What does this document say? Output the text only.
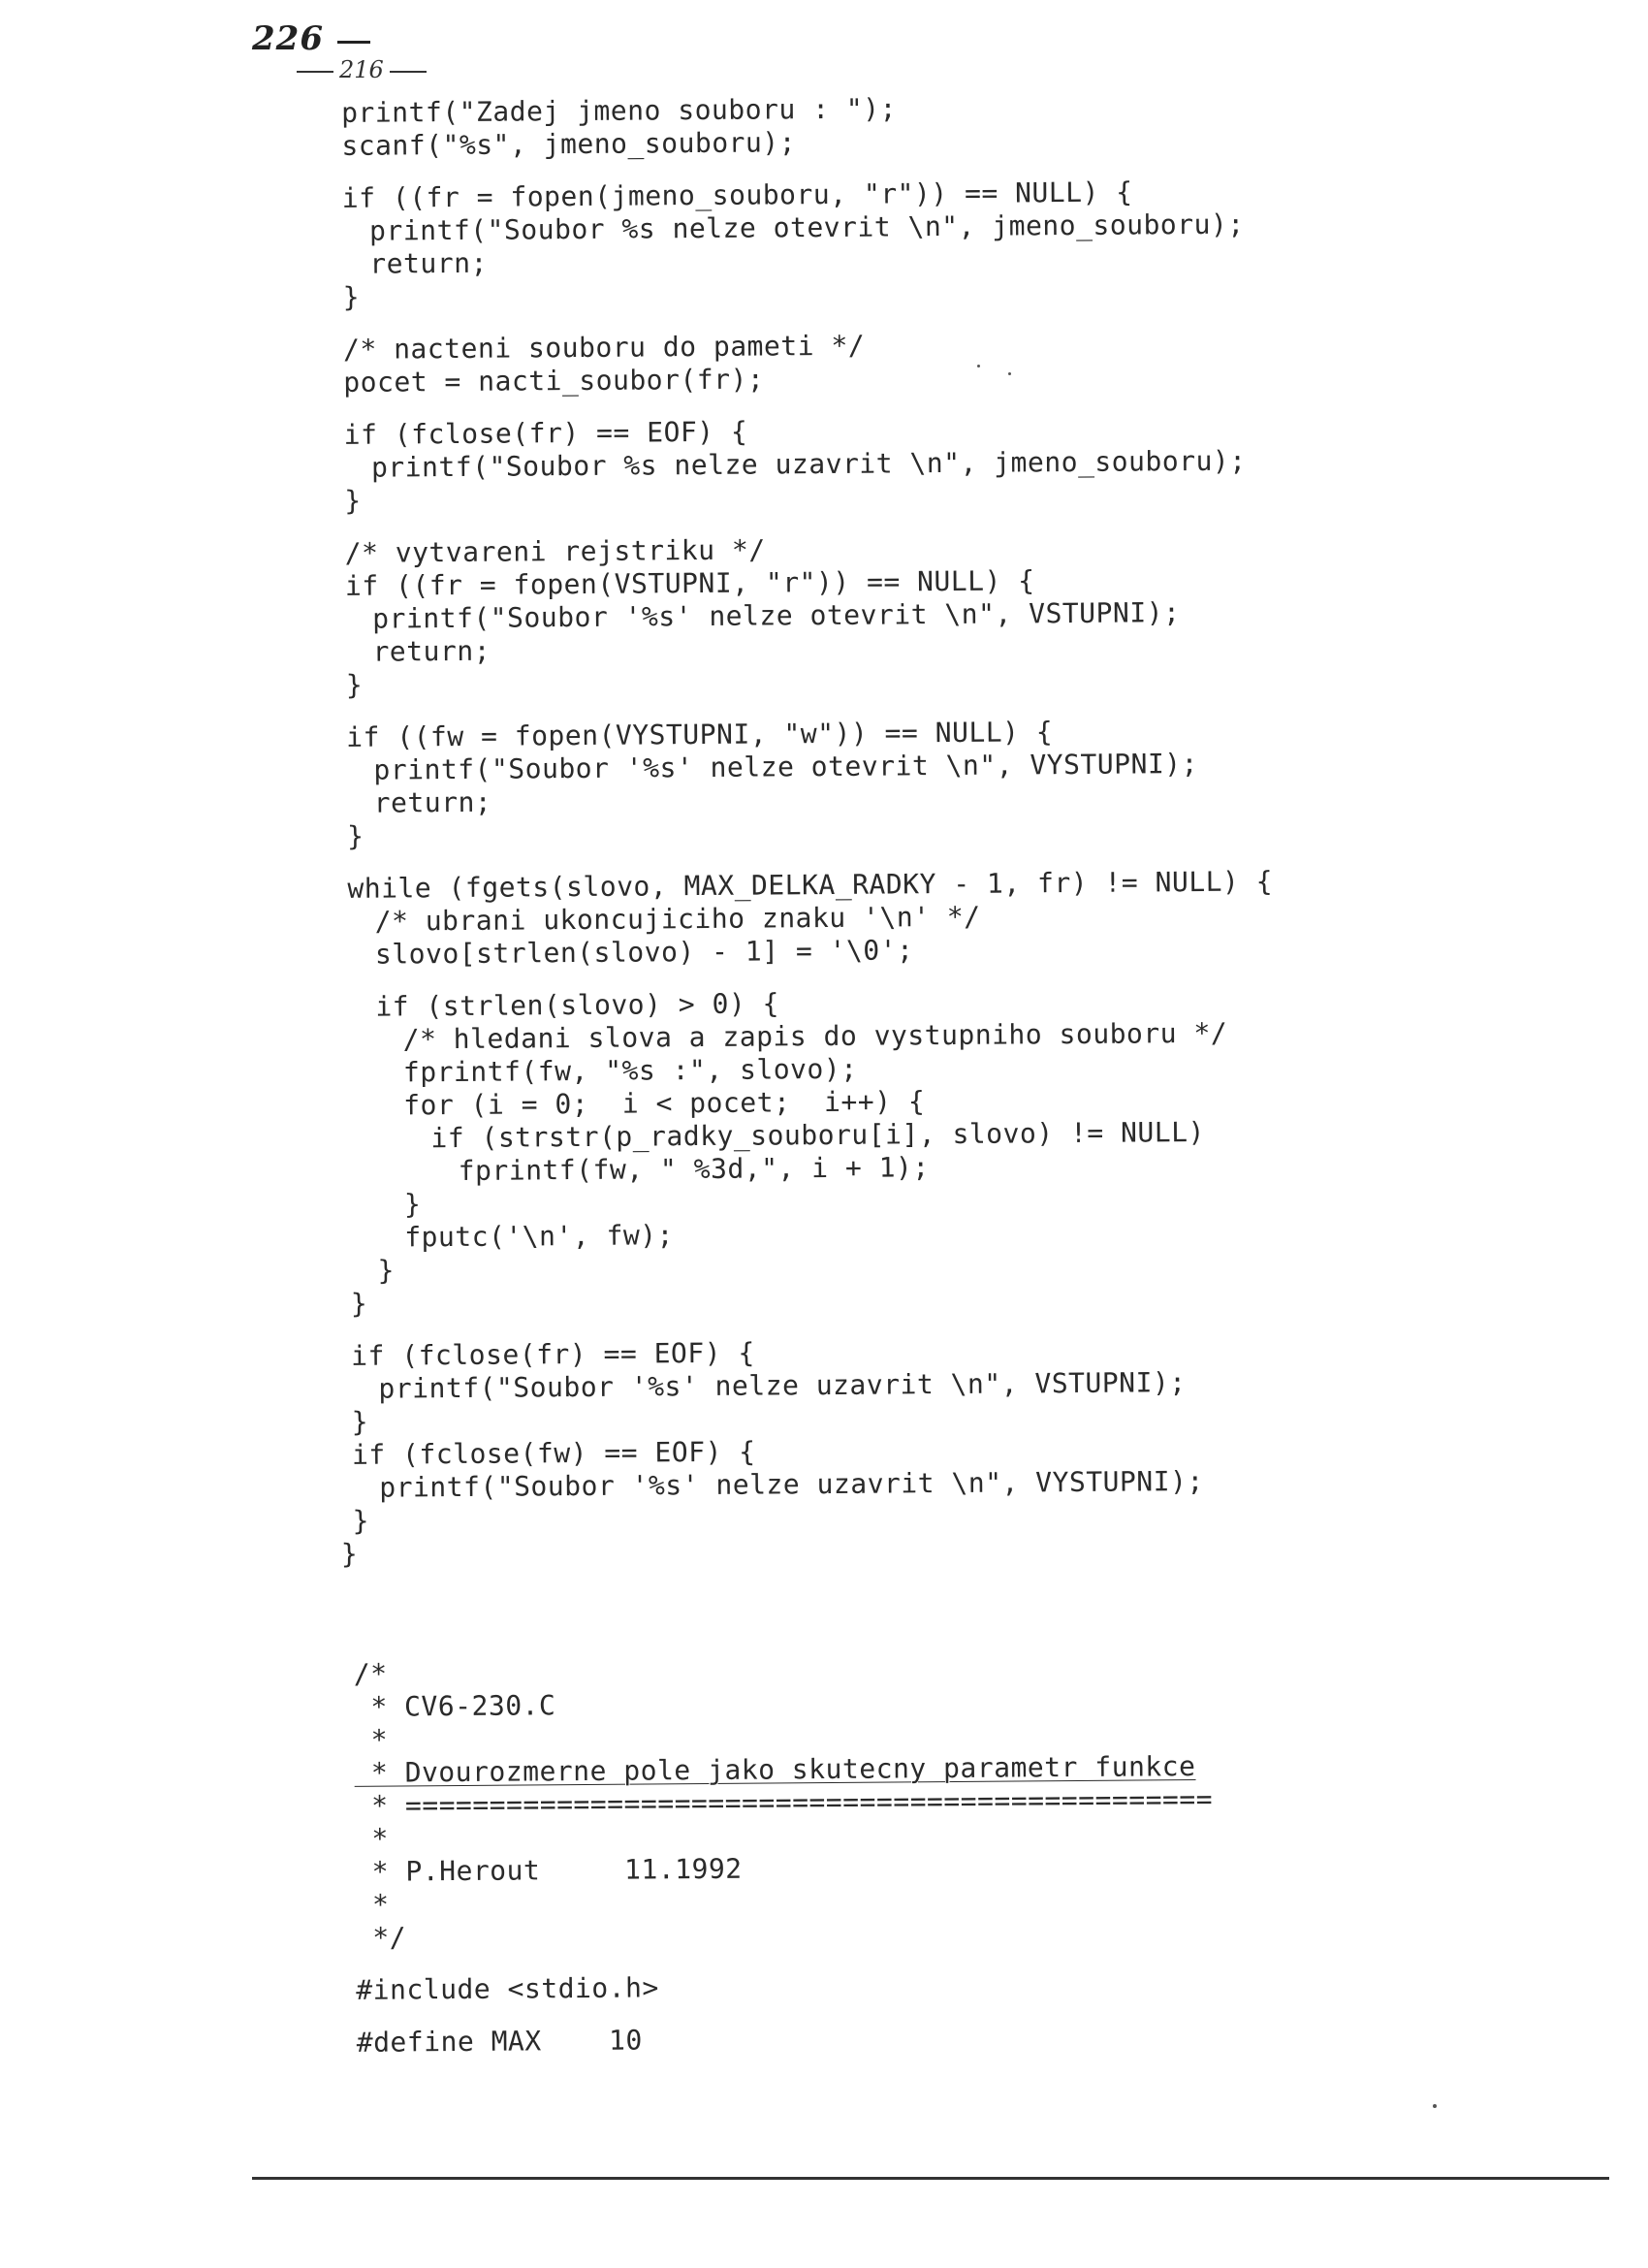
226
216
printf("Zadej jmeno souboru : ");
scanf("%s", jmeno_souboru);
if ((fr = fopen(jmeno_souboru, "r")) == NULL) {
printf("Soubor %s nelze otevrit \n", jmeno_souboru);
return;
}
/* nacteni souboru do pameti */
pocet = nacti_soubor(fr);
if (fclose(fr) == EOF) {
printf("Soubor %s nelze uzavrit \n", jmeno_souboru);
}
/* vytvareni rejstriku */
if ((fr = fopen(VSTUPNI, "r")) == NULL) {
printf("Soubor '%s' nelze otevrit \n", VSTUPNI);
return;
}
if ((fw = fopen(VYSTUPNI, "w")) == NULL) {
printf("Soubor '%s' nelze otevrit \n", VYSTUPNI);
return;
}
while (fgets(slovo, MAX_DELKA_RADKY - 1, fr) != NULL) {
/* ubrani ukoncujiciho znaku '\n' */
slovo[strlen(slovo) - 1] = '\0';
if (strlen(slovo) > 0) {
/* hledani slova a zapis do vystupniho souboru */
fprintf(fw, "%s :", slovo);
for (i = 0;  i < pocet;  i++) {
if (strstr(p_radky_souboru[i], slovo) != NULL)
fprintf(fw, " %3d,", i + 1);
}
fputc('\n', fw);
}
}
if (fclose(fr) == EOF) {
printf("Soubor '%s' nelze uzavrit \n", VSTUPNI);
}
if (fclose(fw) == EOF) {
printf("Soubor '%s' nelze uzavrit \n", VYSTUPNI);
}
}
/*
* CV6-230.C
*
* Dvourozmerne pole jako skutecny parametr funkce
* ================================================
*
* P.Herout     11.1992
*
*/
#include <stdio.h>
#define MAX    10
